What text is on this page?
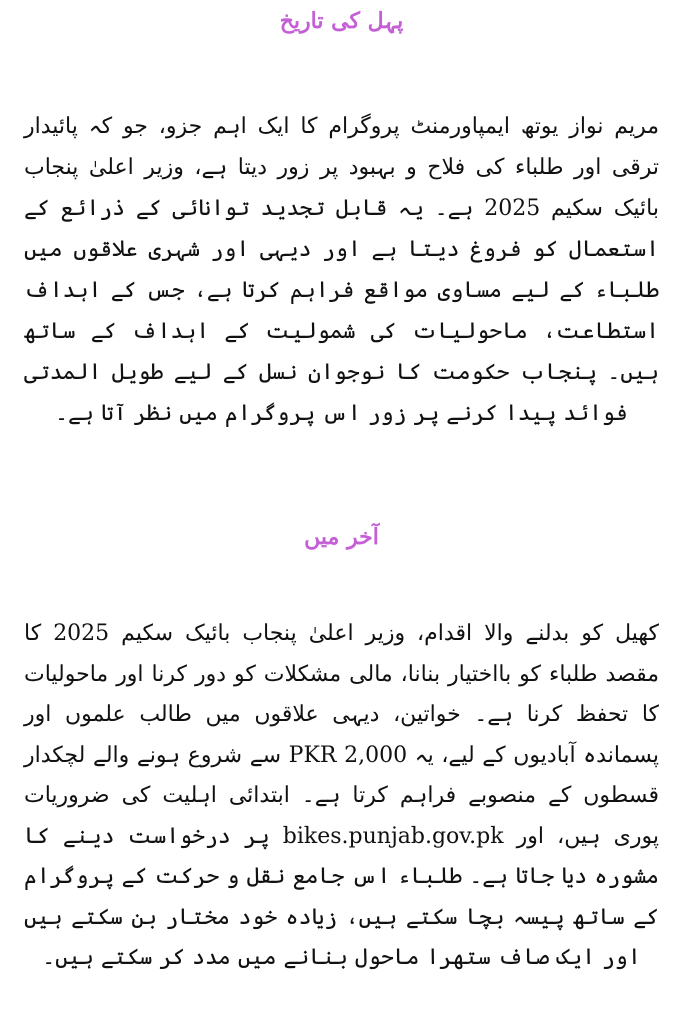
پہل کی تاریخ

مریم نواز یوتھ ایمپاورمنٹ پروگرام کا ایک اہم جزو، جو کہ پائیدار ترقی اور طلباء کی فلاح و بہبود پر زور دیتا ہے، وزیر اعلیٰ پنجاب بائیک سکیم 2025 ہے۔ یہ قابل تجدید توانائی کے ذرائع کے استعمال کو فروغ دیتا ہے اور دیہی اور شہری علاقوں میں طلباء کے لیے مساوی مواقع فراہم کرتا ہے، جس کے اہداف استطاعت، ماحولیات کی شمولیت کے اہداف کے ساتھ ہیں۔ پنجاب حکومت کا نوجوان نسل کے لیے طویل المدتی فوائد پیدا کرنے پر زور اس پروگرام میں نظر آتا ہے۔

آخر میں

کھیل کو بدلنے والا اقدام، وزیر اعلیٰ پنجاب بائیک سکیم 2025 کا مقصد طلباء کو بااختیار بنانا، مالی مشکلات کو دور کرنا اور ماحولیات کا تحفظ کرنا ہے۔ خواتین، دیہی علاقوں میں طالب علموں اور پسماندہ آبادیوں کے لیے، یہ PKR 2,000 سے شروع ہونے والے لچکدار قسطوں کے منصوبے فراہم کرتا ہے۔ ابتدائی اہلیت کی ضروریات پوری ہیں، اور bikes.punjab.gov.pk پر درخواست دینے کا مشورہ دیا جاتا ہے۔ طلباء اس جامع نقل و حرکت کے پروگرام کے ساتھ پیسہ بچا سکتے ہیں، زیادہ خود مختار بن سکتے ہیں اور ایک صاف ستھرا ماحول بنانے میں مدد کر سکتے ہیں۔
